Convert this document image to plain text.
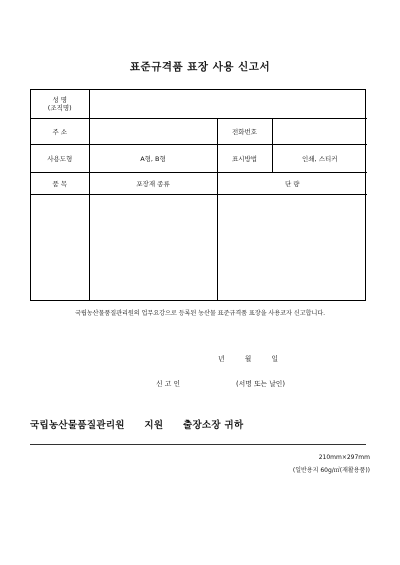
표준규격품 표장 사용 신고서
성 명
(조직명)			

주 소		전화번호	
사용도형	A형, B형	표시방법	인쇄, 스티커
품 목	포장재 종류	단 량	

국립농산물품질관리원의 업무요강으로 등록된 농산물 표준규격품 표장을 사용코자 신고합니다.
년	월	일
신 고 인	(서명 또는 날인)
국립농산물품질관리원 지원 출장소장 귀하
210mm×297mm
(일반용지 60g/㎡(재활용품))
